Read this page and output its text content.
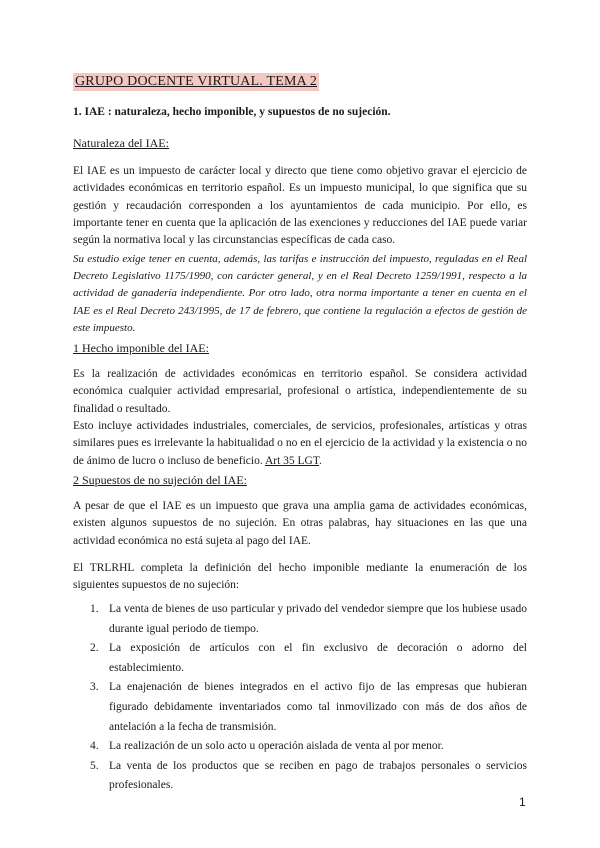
GRUPO DOCENTE VIRTUAL. TEMA 2
1. IAE : naturaleza, hecho imponible, y supuestos de no sujeción.
Naturaleza del IAE:

El IAE es un impuesto de carácter local y directo que tiene como objetivo gravar el ejercicio de actividades económicas en territorio español. Es un impuesto municipal, lo que significa que su gestión y recaudación corresponden a los ayuntamientos de cada municipio. Por ello, es importante tener en cuenta que la aplicación de las exenciones y reducciones del IAE puede variar según la normativa local y las circunstancias específicas de cada caso.

Su estudio exige tener en cuenta, además, las tarifas e instrucción del impuesto, reguladas en el Real Decreto Legislativo 1175/1990, con carácter general, y en el Real Decreto 1259/1991, respecto a la actividad de ganadería independiente. Por otro lado, otra norma importante a tener en cuenta en el IAE es el Real Decreto 243/1995, de 17 de febrero, que contiene la regulación a efectos de gestión de este impuesto.

1 Hecho imponible del IAE:

Es la realización de actividades económicas en territorio español. Se considera actividad económica cualquier actividad empresarial, profesional o artística, independientemente de su finalidad o resultado.

Esto incluye actividades industriales, comerciales, de servicios, profesionales, artísticas y otras similares pues es irrelevante la habitualidad o no en el ejercicio de la actividad y la existencia o no de ánimo de lucro o incluso de beneficio. Art 35 LGT.

2 Supuestos de no sujeción del IAE:

A pesar de que el IAE es un impuesto que grava una amplia gama de actividades económicas, existen algunos supuestos de no sujeción. En otras palabras, hay situaciones en las que una actividad económica no está sujeta al pago del IAE.

El TRLRHL completa la definición del hecho imponible mediante la enumeración de los siguientes supuestos de no sujeción:

1. La venta de bienes de uso particular y privado del vendedor siempre que los hubiese usado durante igual periodo de tiempo.
2. La exposición de artículos con el fin exclusivo de decoración o adorno del establecimiento.
3. La enajenación de bienes integrados en el activo fijo de las empresas que hubieran figurado debidamente inventariados como tal inmovilizado con más de dos años de antelación a la fecha de transmisión.
4. La realización de un solo acto u operación aislada de venta al por menor.
5. La venta de los productos que se reciben en pago de trabajos personales o servicios profesionales.
1
